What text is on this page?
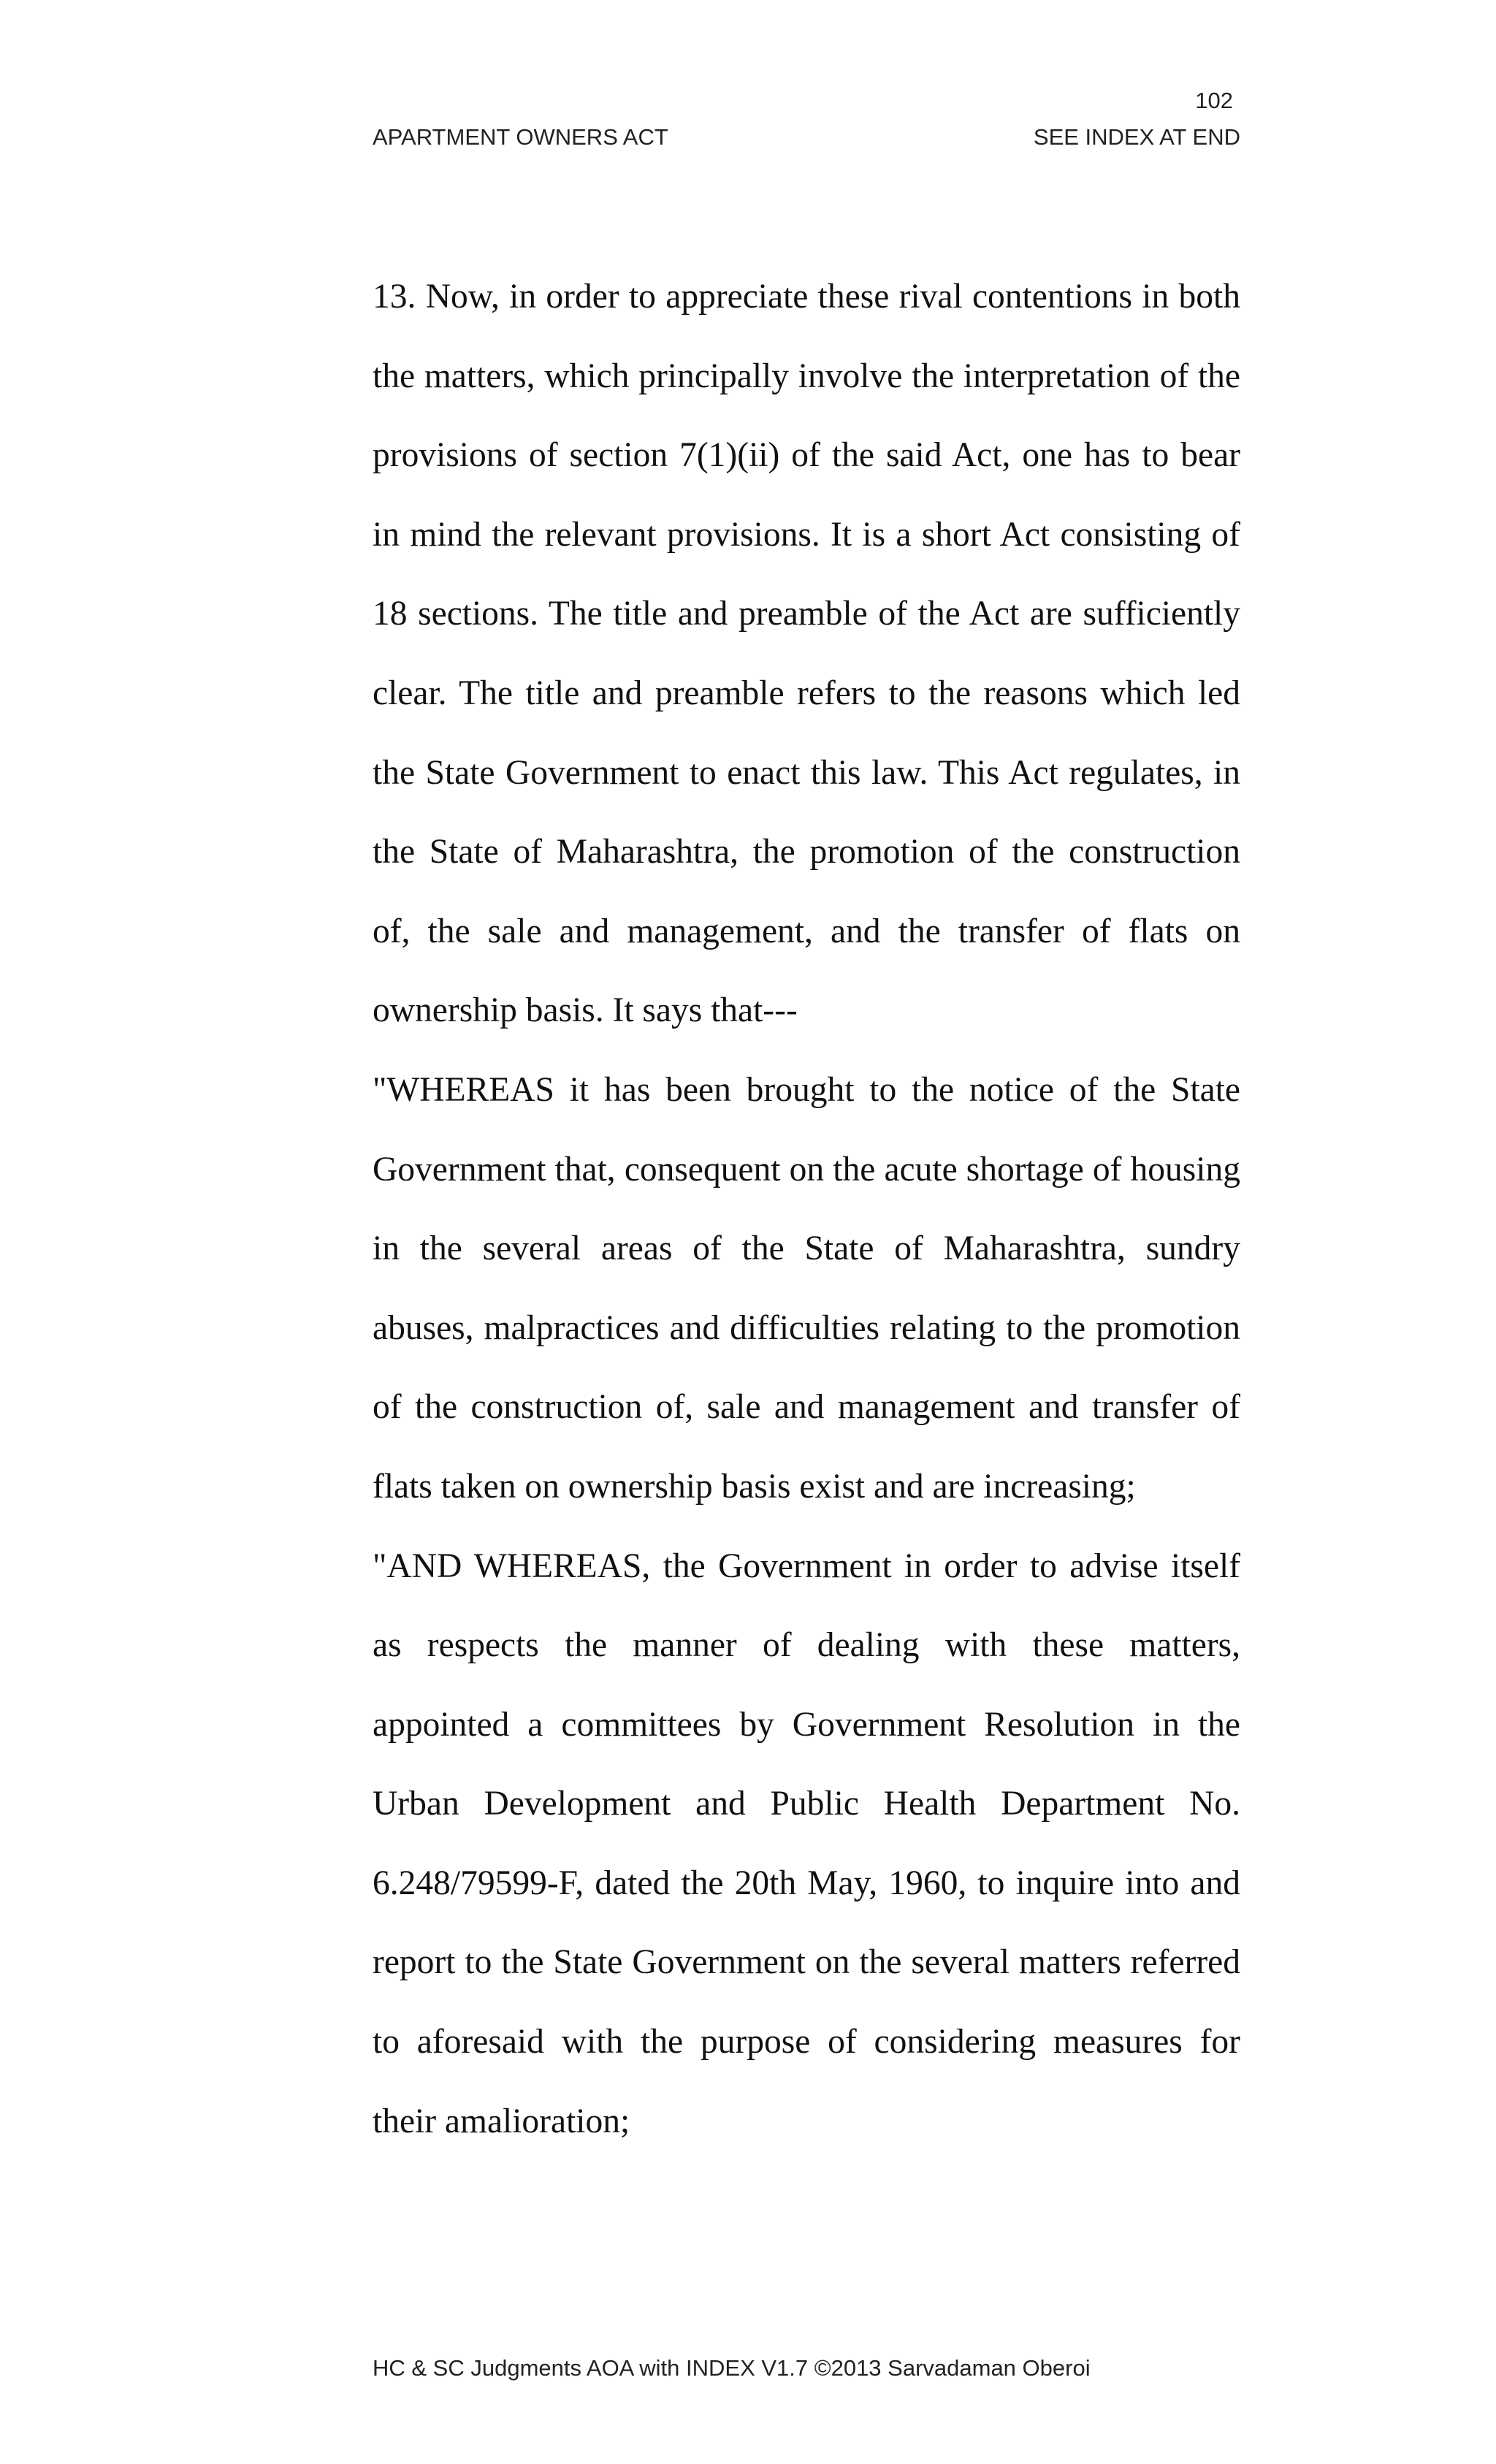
102
APARTMENT OWNERS ACT	SEE INDEX AT END

13. Now, in order to appreciate these rival contentions in both the matters, which principally involve the interpretation of the provisions of section 7(1)(ii) of the said Act, one has to bear in mind the relevant provisions. It is a short Act consisting of 18 sections. The title and preamble of the Act are sufficiently clear. The title and preamble refers to the reasons which led the State Government to enact this law. This Act regulates, in the State of Maharashtra, the promotion of the construction of, the sale and management, and the transfer of flats on ownership basis. It says that---

"WHEREAS it has been brought to the notice of the State Government that, consequent on the acute shortage of housing in the several areas of the State of Maharashtra, sundry abuses, malpractices and difficulties relating to the promotion of the construction of, sale and management and transfer of flats taken on ownership basis exist and are increasing;

"AND WHEREAS, the Government in order to advise itself as respects the manner of dealing with these matters, appointed a committees by Government Resolution in the Urban Development and Public Health Department No. 6.248/79599-F, dated the 20th May, 1960, to inquire into and report to the State Government on the several matters referred to aforesaid with the purpose of considering measures for their amalioration;

HC & SC Judgments AOA with INDEX V1.7 ©2013 Sarvadaman Oberoi
